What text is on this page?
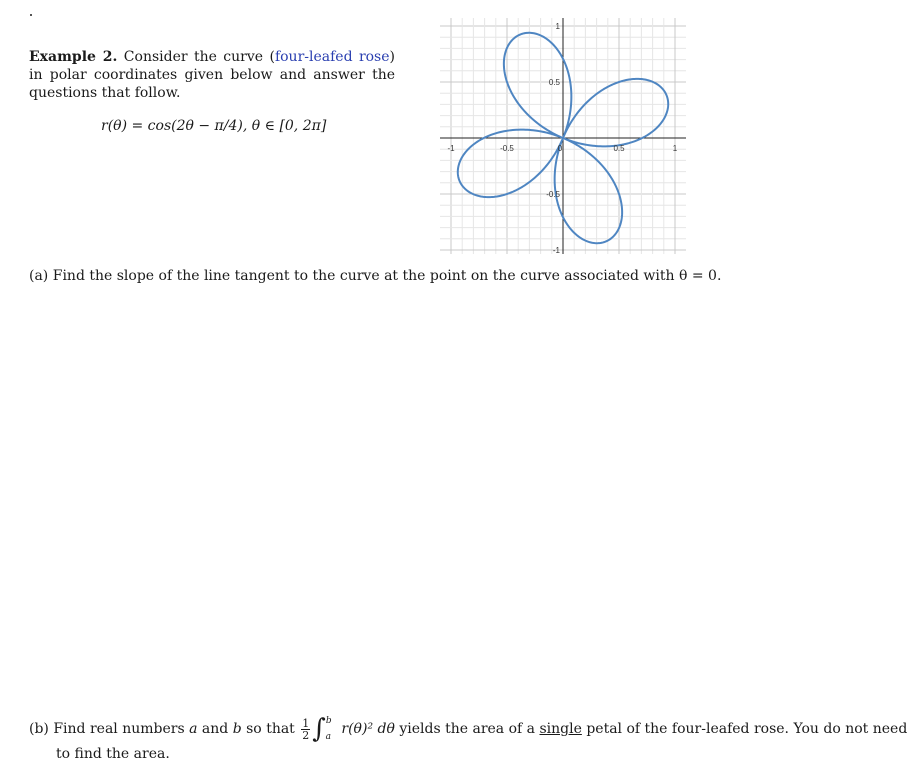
Example 2. Consider the curve (four-leafed rose) in polar coordinates given below and answer the questions that follow.
r(θ) = cos(2θ − π/4), θ ∈ [0, 2π]
-1	-0.5	0	0.5	1
1
0.5
-0.5
-1
(a) Find the slope of the line tangent to the curve at the point on the curve associated with θ = 0.
(b) Find real numbers a and b so that $\frac{1}{2} \int^b_a$ r(θ)² dθ yields the area of a single petal of the four-leafed rose. You do not need
to find the area.
